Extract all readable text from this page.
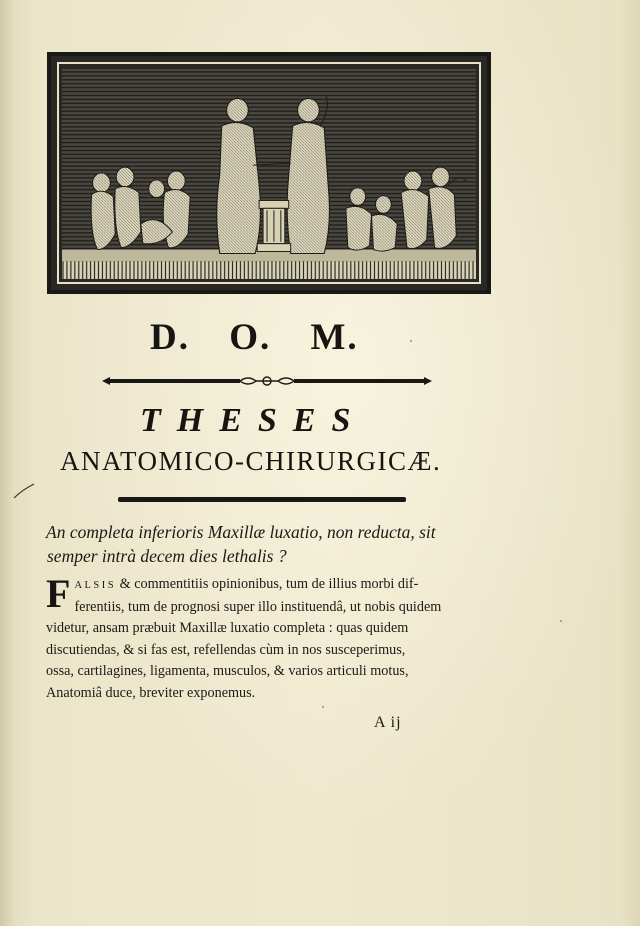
D. O. M.
THESES
ANATOMICO-CHIRURGICÆ.
An completa inferioris Maxillæ luxatio, non reducta, sit
semper intrà decem dies lethalis ?
F ALSIS & commentitiis opinionibus, tum de illius morbi dif-
ferentiis, tum de prognosi super illo instituendâ, ut nobis quidem
videtur, ansam præbuit Maxillæ luxatio completa : quas quidem
discutiendas, & si fas est, refellendas cùm in nos susceperimus,
ossa, cartilagines, ligamenta, musculos, & varios articuli motus,
Anatomiâ duce, breviter exponemus.
A ij
